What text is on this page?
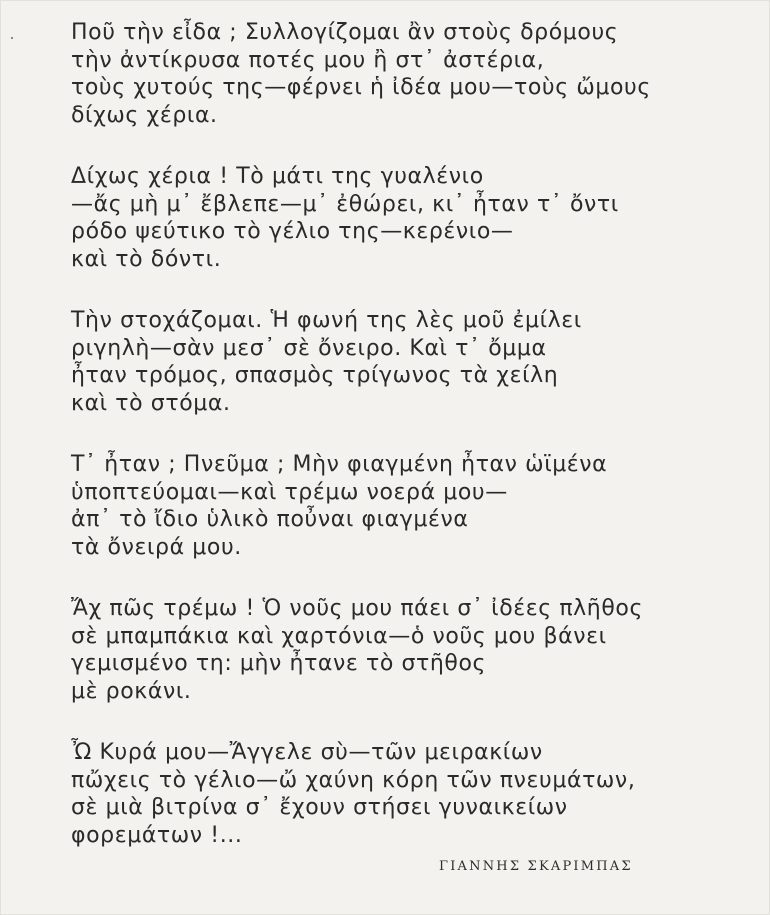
Ποῦ τὴν εἶδα ; Συλλογίζομαι ἂν στοὺς δρόμους
τὴν ἀντίκρυσα ποτές μου ἢ στ᾽ ἀστέρια,
τοὺς χυτούς της—φέρνει ἡ ἰδέα μου—τοὺς ὤμους
δίχως χέρια.
Δίχως χέρια ! Τὸ μάτι της γυαλένιο
—ἄς μὴ μ᾽ ἔβλεπε—μ᾽ ἐθώρει, κι᾽ ἦταν τ᾽ ὄντι
ρόδο ψεύτικο τὸ γέλιο της—κερένιο—
καὶ τὸ δόντι.
Τὴν στοχάζομαι. Ἡ φωνή της λὲς μοῦ ἐμίλει
ριγηλὴ—σὰν μεσ᾽ σὲ ὄνειρο. Καὶ τ᾽ ὄμμα
ἦταν τρόμος, σπασμὸς τρίγωνος τὰ χείλη
καὶ τὸ στόμα.
Τ᾽ ἦταν ; Πνεῦμα ; Μὴν φιαγμένη ἦταν ὡϊμένα
ὑποπτεύομαι—καὶ τρέμω νοερά μου—
ἀπ᾽ τὸ ἴδιο ὑλικὸ ποὖναι φιαγμένα
τὰ ὄνειρά μου.
Ἄχ πῶς τρέμω ! Ὁ νοῦς μου πάει σ᾽ ἰδέες πλῆθος
σὲ μπαμπάκια καὶ χαρτόνια—ὁ νοῦς μου βάνει
γεμισμένο τη: μὴν ἦτανε τὸ στῆθος
μὲ ροκάνι.
Ὦ Κυρά μου—Ἄγγελε σὺ—τῶν μειρακίων
πὤχεις τὸ γέλιο—ὤ χαύνη κόρη τῶν πνευμάτων,
σὲ μιὰ βιτρίνα σ᾽ ἔχουν στήσει γυναικείων
φορεμάτων !...
ΓΙΑΝΝΗΣ ΣΚΑΡΙΜΠΑΣ
